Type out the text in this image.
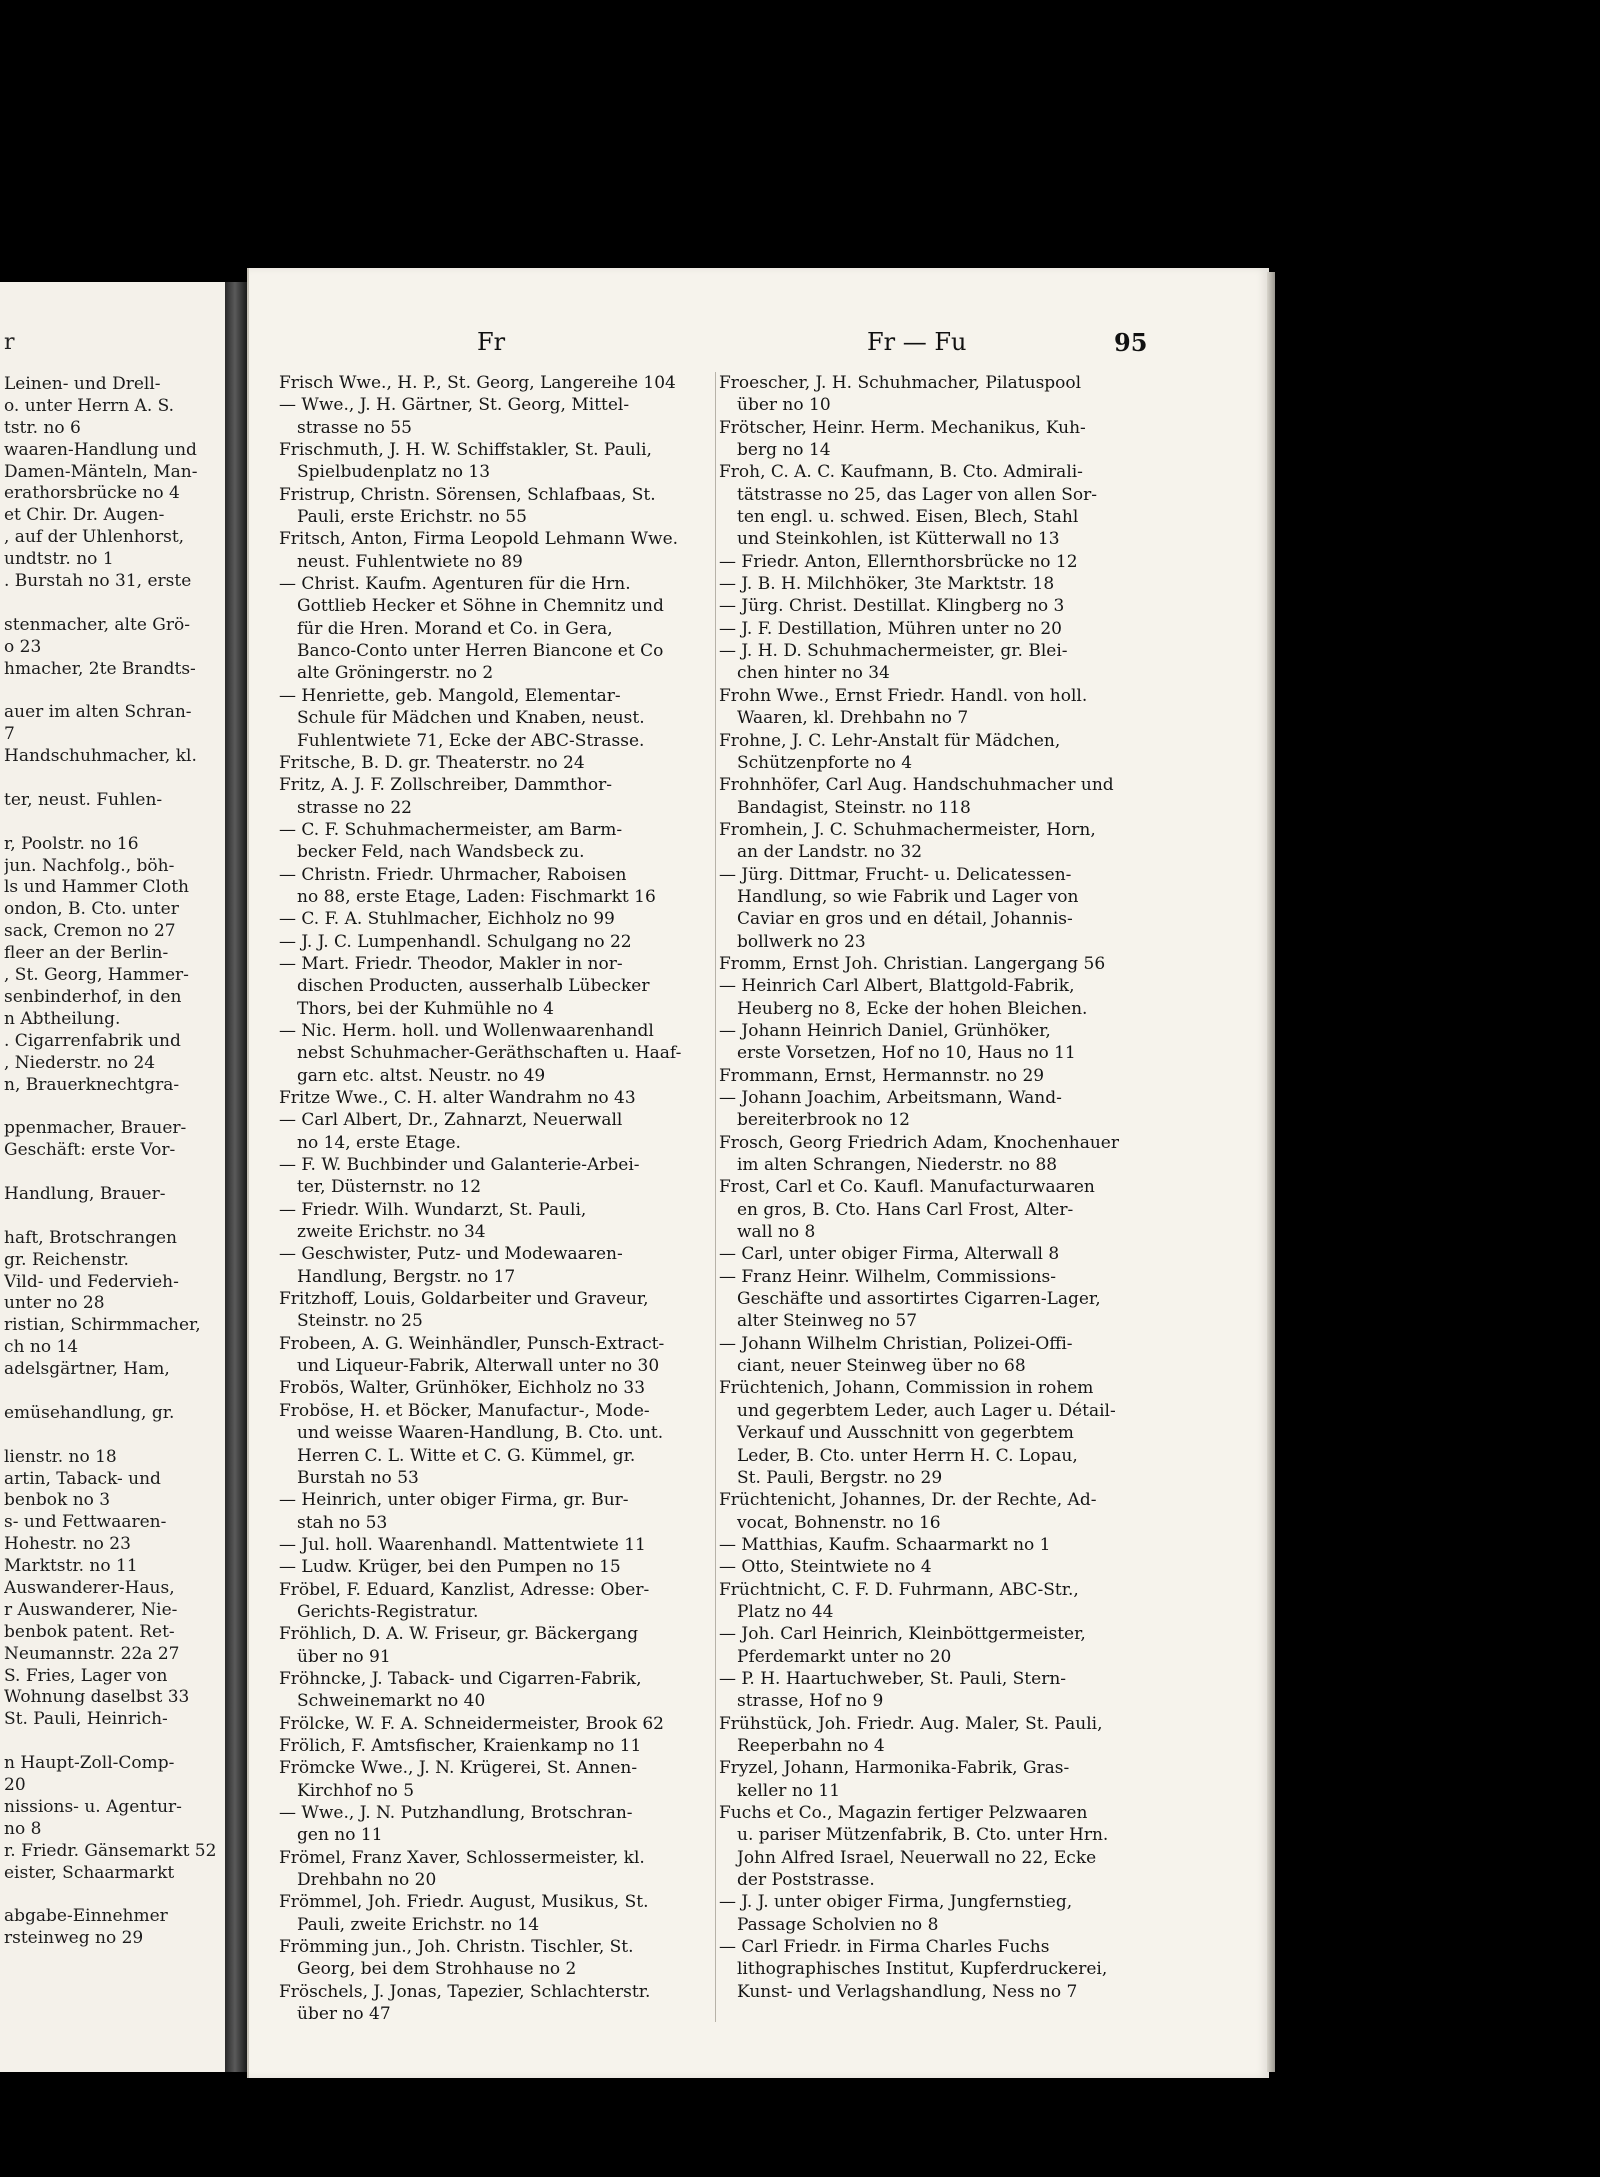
r
Leinen- und Drell-
o. unter Herrn A. S.
tstr. no 6
waaren-Handlung und
Damen-Mänteln, Man-
erathorsbrücke no 4
et Chir. Dr. Augen-
, auf der Uhlenhorst,
undtstr. no 1
. Burstah no 31, erste
stenmacher, alte Grö-
o 23
hmacher, 2te Brandts-
auer im alten Schran-
7
Handschuhmacher, kl.
ter, neust. Fuhlen-
r, Poolstr. no 16
jun. Nachfolg., böh-
ls und Hammer Cloth
ondon, B. Cto. unter
sack, Cremon no 27
fleer an der Berlin-
, St. Georg, Hammer-
senbinderhof, in den
n Abtheilung.
. Cigarrenfabrik und
, Niederstr. no 24
n, Brauerknechtgra-
ppenmacher, Brauer-
Geschäft: erste Vor-
Handlung, Brauer-
haft, Brotschrangen
gr. Reichenstr.
Vild- und Federvieh-
unter no 28
ristian, Schirmmacher,
ch no 14
adelsgärtner, Ham,
emüsehandlung, gr.
lienstr. no 18
artin, Taback- und
benbok no 3
s- und Fettwaaren-
Hohestr. no 23
Marktstr. no 11
Auswanderer-Haus,
r Auswanderer, Nie-
benbok patent. Ret-
Neumannstr. 22a 27
S. Fries, Lager von
Wohnung daselbst 33
St. Pauli, Heinrich-
n Haupt-Zoll-Comp-
20
nissions- u. Agentur-
no 8
r. Friedr. Gänsemarkt 52
eister, Schaarmarkt
abgabe-Einnehmer
rsteinweg no 29
Fr	Fr — Fu	95
Frisch Wwe., H. P., St. Georg, Langereihe 104
— Wwe., J. H. Gärtner, St. Georg, Mittel-
strasse no 55
Frischmuth, J. H. W. Schiffstakler, St. Pauli,
Spielbudenplatz no 13
Fristrup, Christn. Sörensen, Schlafbaas, St.
Pauli, erste Erichstr. no 55
Fritsch, Anton, Firma Leopold Lehmann Wwe.
neust. Fuhlentwiete no 89
— Christ. Kaufm. Agenturen für die Hrn.
Gottlieb Hecker et Söhne in Chemnitz und
für die Hren. Morand et Co. in Gera,
Banco-Conto unter Herren Biancone et Co
alte Gröningerstr. no 2
— Henriette, geb. Mangold, Elementar-
Schule für Mädchen und Knaben, neust.
Fuhlentwiete 71, Ecke der ABC-Strasse.
Fritsche, B. D. gr. Theaterstr. no 24
Fritz, A. J. F. Zollschreiber, Dammthor-
strasse no 22
— C. F. Schuhmachermeister, am Barm-
becker Feld, nach Wandsbeck zu.
— Christn. Friedr. Uhrmacher, Raboisen
no 88, erste Etage, Laden: Fischmarkt 16
— C. F. A. Stuhlmacher, Eichholz no 99
— J. J. C. Lumpenhandl. Schulgang no 22
— Mart. Friedr. Theodor, Makler in nor-
dischen Producten, ausserhalb Lübecker
Thors, bei der Kuhmühle no 4
— Nic. Herm. holl. und Wollenwaarenhandl
nebst Schuhmacher-Geräthschaften u. Haaf-
garn etc. altst. Neustr. no 49
Fritze Wwe., C. H. alter Wandrahm no 43
— Carl Albert, Dr., Zahnarzt, Neuerwall
no 14, erste Etage.
— F. W. Buchbinder und Galanterie-Arbei-
ter, Düsternstr. no 12
— Friedr. Wilh. Wundarzt, St. Pauli,
zweite Erichstr. no 34
— Geschwister, Putz- und Modewaaren-
Handlung, Bergstr. no 17
Fritzhoff, Louis, Goldarbeiter und Graveur,
Steinstr. no 25
Frobeen, A. G. Weinhändler, Punsch-Extract-
und Liqueur-Fabrik, Alterwall unter no 30
Frobös, Walter, Grünhöker, Eichholz no 33
Froböse, H. et Böcker, Manufactur-, Mode-
und weisse Waaren-Handlung, B. Cto. unt.
Herren C. L. Witte et C. G. Kümmel, gr.
Burstah no 53
— Heinrich, unter obiger Firma, gr. Bur-
stah no 53
— Jul. holl. Waarenhandl. Mattentwiete 11
— Ludw. Krüger, bei den Pumpen no 15
Fröbel, F. Eduard, Kanzlist, Adresse: Ober-
Gerichts-Registratur.
Fröhlich, D. A. W. Friseur, gr. Bäckergang
über no 91
Fröhncke, J. Taback- und Cigarren-Fabrik,
Schweinemarkt no 40
Frölcke, W. F. A. Schneidermeister, Brook 62
Frölich, F. Amtsfischer, Kraienkamp no 11
Frömcke Wwe., J. N. Krügerei, St. Annen-
Kirchhof no 5
— Wwe., J. N. Putzhandlung, Brotschran-
gen no 11
Frömel, Franz Xaver, Schlossermeister, kl.
Drehbahn no 20
Frömmel, Joh. Friedr. August, Musikus, St.
Pauli, zweite Erichstr. no 14
Frömming jun., Joh. Christn. Tischler, St.
Georg, bei dem Strohhause no 2
Fröschels, J. Jonas, Tapezier, Schlachterstr.
über no 47
Froescher, J. H. Schuhmacher, Pilatuspool
über no 10
Frötscher, Heinr. Herm. Mechanikus, Kuh-
berg no 14
Froh, C. A. C. Kaufmann, B. Cto. Admirali-
tätstrasse no 25, das Lager von allen Sor-
ten engl. u. schwed. Eisen, Blech, Stahl
und Steinkohlen, ist Kütterwall no 13
— Friedr. Anton, Ellernthorsbrücke no 12
— J. B. H. Milchhöker, 3te Marktstr. 18
— Jürg. Christ. Destillat. Klingberg no 3
— J. F. Destillation, Mühren unter no 20
— J. H. D. Schuhmachermeister, gr. Blei-
chen hinter no 34
Frohn Wwe., Ernst Friedr. Handl. von holl.
Waaren, kl. Drehbahn no 7
Frohne, J. C. Lehr-Anstalt für Mädchen,
Schützenpforte no 4
Frohnhöfer, Carl Aug. Handschuhmacher und
Bandagist, Steinstr. no 118
Fromhein, J. C. Schuhmachermeister, Horn,
an der Landstr. no 32
— Jürg. Dittmar, Frucht- u. Delicatessen-
Handlung, so wie Fabrik und Lager von
Caviar en gros und en détail, Johannis-
bollwerk no 23
Fromm, Ernst Joh. Christian. Langergang 56
— Heinrich Carl Albert, Blattgold-Fabrik,
Heuberg no 8, Ecke der hohen Bleichen.
— Johann Heinrich Daniel, Grünhöker,
erste Vorsetzen, Hof no 10, Haus no 11
Frommann, Ernst, Hermannstr. no 29
— Johann Joachim, Arbeitsmann, Wand-
bereiterbrook no 12
Frosch, Georg Friedrich Adam, Knochenhauer
im alten Schrangen, Niederstr. no 88
Frost, Carl et Co. Kaufl. Manufacturwaaren
en gros, B. Cto. Hans Carl Frost, Alter-
wall no 8
— Carl, unter obiger Firma, Alterwall 8
— Franz Heinr. Wilhelm, Commissions-
Geschäfte und assortirtes Cigarren-Lager,
alter Steinweg no 57
— Johann Wilhelm Christian, Polizei-Offi-
ciant, neuer Steinweg über no 68
Früchtenich, Johann, Commission in rohem
und gegerbtem Leder, auch Lager u. Détail-
Verkauf und Ausschnitt von gegerbtem
Leder, B. Cto. unter Herrn H. C. Lopau,
St. Pauli, Bergstr. no 29
Früchtenicht, Johannes, Dr. der Rechte, Ad-
vocat, Bohnenstr. no 16
— Matthias, Kaufm. Schaarmarkt no 1
— Otto, Steintwiete no 4
Früchtnicht, C. F. D. Fuhrmann, ABC-Str.,
Platz no 44
— Joh. Carl Heinrich, Kleinböttgermeister,
Pferdemarkt unter no 20
— P. H. Haartuchweber, St. Pauli, Stern-
strasse, Hof no 9
Frühstück, Joh. Friedr. Aug. Maler, St. Pauli,
Reeperbahn no 4
Fryzel, Johann, Harmonika-Fabrik, Gras-
keller no 11
Fuchs et Co., Magazin fertiger Pelzwaaren
u. pariser Mützenfabrik, B. Cto. unter Hrn.
John Alfred Israel, Neuerwall no 22, Ecke
der Poststrasse.
— J. J. unter obiger Firma, Jungfernstieg,
Passage Scholvien no 8
— Carl Friedr. in Firma Charles Fuchs
lithographisches Institut, Kupferdruckerei,
Kunst- und Verlagshandlung, Ness no 7
